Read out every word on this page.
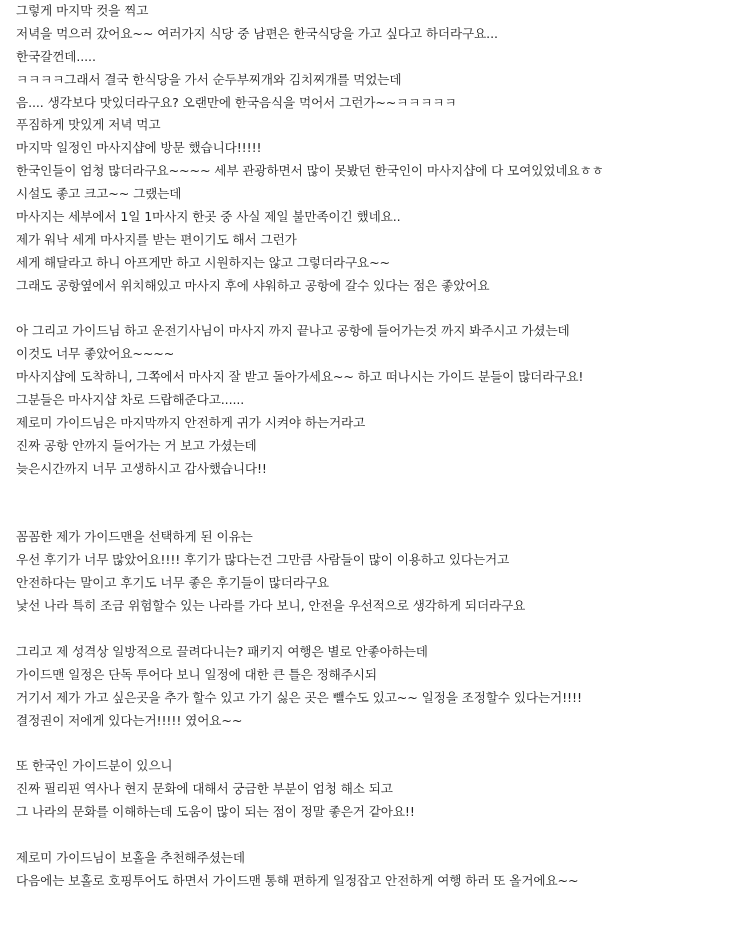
그렇게 마지막 컷을 찍고
저녁을 먹으러 갔어요~~ 여러가지 식당 중 남편은 한국식당을 가고 싶다고 하더라구요...
한국갈껀데.....
ㅋㅋㅋㅋ그래서 결국 한식당을 가서 순두부찌개와 김치찌개를 먹었는데
음.... 생각보다 맛있더라구요? 오랜만에 한국음식을 먹어서 그런가~~ㅋㅋㅋㅋㅋ
푸짐하게 맛있게 저녁 먹고
마지막 일정인 마사지샵에 방문 했습니다!!!!!
한국인들이 엄청 많더라구요~~~~ 세부 관광하면서 많이 못봤던 한국인이 마사지샵에 다 모여있었네요ㅎㅎ
시설도 좋고 크고~~ 그랬는데
마사지는 세부에서 1일 1마사지 한곳 중 사실 제일 불만족이긴 했네요..
제가 워낙 세게 마사지를 받는 편이기도 해서 그런가
세게 해달라고 하니 아프게만 하고 시원하지는 않고 그렇더라구요~~
그래도 공항옆에서 위치해있고 마사지 후에 샤워하고 공항에 갈수 있다는 점은 좋았어요
아 그리고 가이드님 하고 운전기사님이 마사지 까지 끝나고 공항에 들어가는것 까지 봐주시고 가셨는데
이것도 너무 좋았어요~~~~
마사지샵에 도착하니, 그쪽에서 마사지 잘 받고 돌아가세요~~ 하고 떠나시는 가이드 분들이 많더라구요!
그분들은 마사지샵 차로 드랍해준다고......
제로미 가이드님은 마지막까지 안전하게 귀가 시켜야 하는거라고
진짜 공항 안까지 들어가는 거 보고 가셨는데
늦은시간까지 너무 고생하시고 감사했습니다!!
꼼꼼한 제가 가이드맨을 선택하게 된 이유는
우선 후기가 너무 많았어요!!!! 후기가 많다는건 그만큼 사람들이 많이 이용하고 있다는거고
안전하다는 말이고 후기도 너무 좋은 후기들이 많더라구요
낯선 나라 특히 조금 위험할수 있는 나라를 가다 보니, 안전을 우선적으로 생각하게 되더라구요
그리고 제 성격상 일방적으로 끌려다니는? 패키지 여행은 별로 안좋아하는데
가이드맨 일정은 단독 투어다 보니 일정에 대한 큰 틀은 정해주시되
거기서 제가 가고 싶은곳을 추가 할수 있고 가기 싫은 곳은 뺄수도 있고~~ 일정을 조정할수 있다는거!!!!
결정권이 저에게 있다는거!!!!! 였어요~~
또 한국인 가이드분이 있으니
진짜 필리핀 역사나 현지 문화에 대해서 궁금한 부분이 엄청 해소 되고
그 나라의 문화를 이해하는데 도움이 많이 되는 점이 정말 좋은거 같아요!!
제로미 가이드님이 보홀을 추천해주셨는데
다음에는 보홀로 호핑투어도 하면서 가이드맨 통해 편하게 일정잡고 안전하게 여행 하러 또 올거에요~~
